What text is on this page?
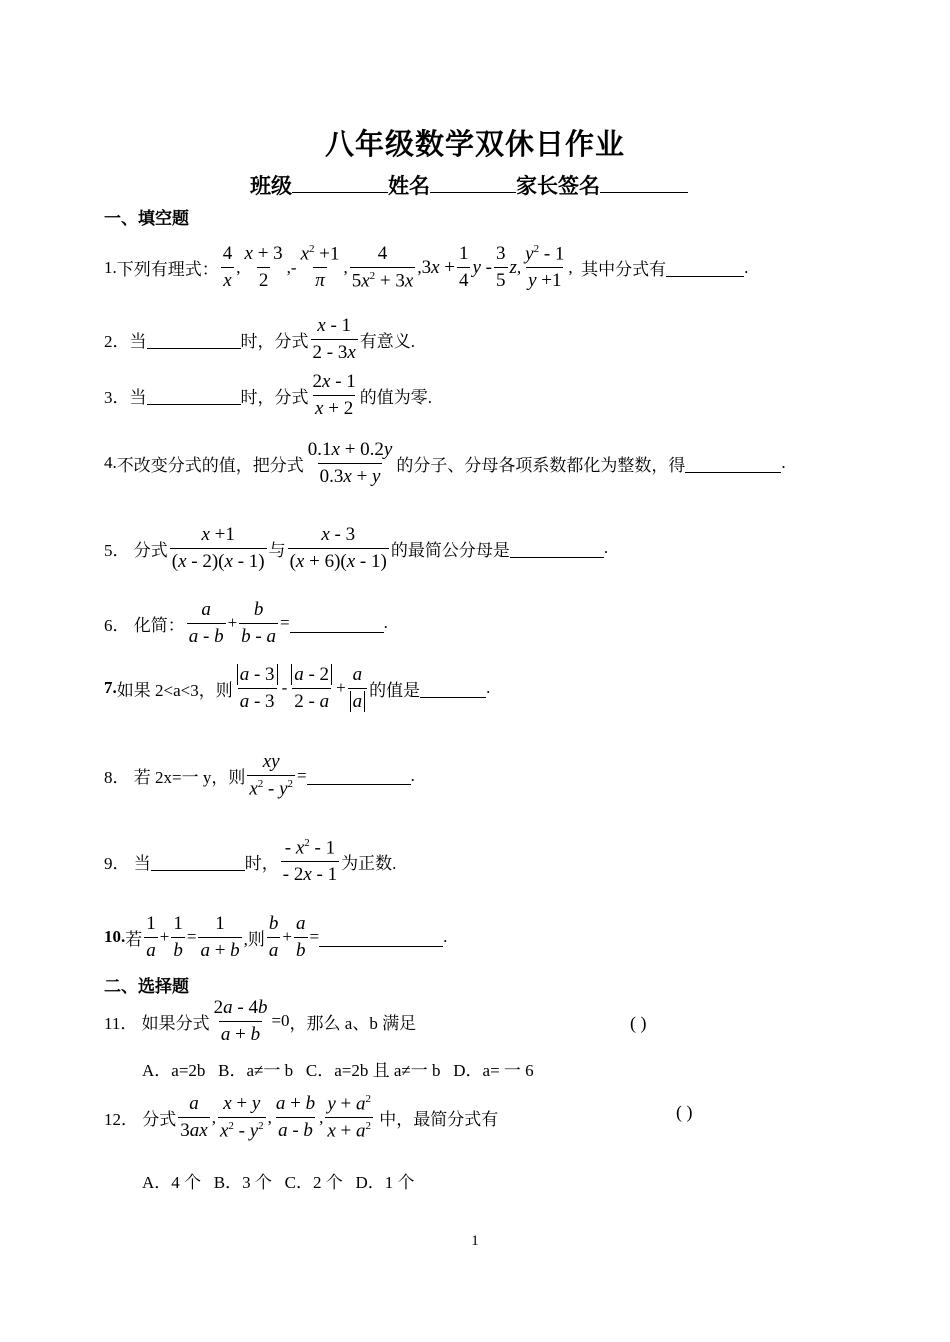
八年级数学双休日作业
班级	姓名	家长签名
一、填空题
1. 下列有理式： $\frac{4}{x}$ , $\frac{x + 3}{2}$ , - $\frac{x^2 +1}{\pi}$ , $\frac{4}{5x^2 + 3x}$ , $3x + \frac{1}{4}$ y - $\frac{3}{5}$ z , $\frac{y^2 - 1}{y +1}$ , 其中分式有	.
2． 当	时，分式 $\frac{x - 1}{2 - 3x}$ 有意义.
3． 当	时，分式 $\frac{2x - 1}{x + 2}$ 的值为零.
4. 不改变分式的值，把分式 $\frac{0.1x + 0.2y}{0.3x + y}$ 的分子、分母各项系数都化为整数，得	.
5．
分式 $\frac{x +1}{(x - 2)(x - 1)}$ 与 $\frac{x - 3}{(x + 6)(x - 1)}$ 的最简公分母是	.
6．
化简： $\frac{a}{a - b} + \frac{b}{b - a}$ =	.
7. 如果 2<a<3，则 $\frac{a - 3}{a - 3} - \frac{a - 2}{2 - a} + \frac{a}{a}$ 的值是	.
8．
若 2x=一 y，则 $\frac{xy}{x^2 - y^2}$ =	.
9．
当	时， $\frac{- x^2 - 1}{- 2x - 1}$ 为正数.
10. 若 $\frac{1}{a} + \frac{1}{b} = \frac{1}{a + b}$ ,则 $\frac{b}{a} + \frac{a}{b}$ =	.
二、选择题
11．
如果分式 $\frac{2a - 4b}{a + b} =0$ ，那么 a、b 满足	( )
A．a=2b B．a≠一 b C．a=2b 且 a≠一 b D．a= 一 6
12．
分式 $\frac{a}{3ax}$ , $\frac{x + y}{x^2 - y^2}$ , $\frac{a + b}{a - b}$ , $\frac{y + a^2}{x + a^2}$
中，最简分式有	( )
A．4 个 B．3 个 C．2 个 D．1 个
1
